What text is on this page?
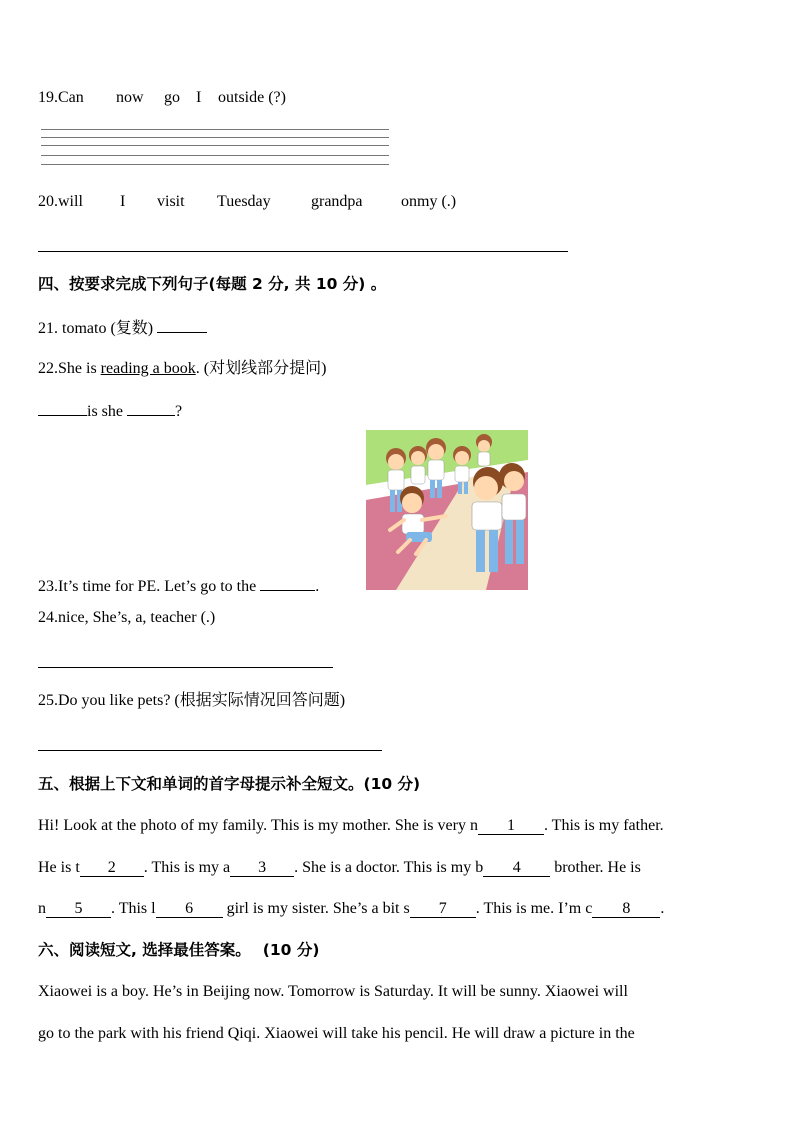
19.Can now go I outside (?)
20.will I visit Tuesday	grandpa onmy (.)
四、按要求完成下列句子(每题 2 分, 共 10 分) 。
21. tomato (复数)
22.She is reading a book. (对划线部分提问)
is she	?
23.It’s time for PE. Let’s go to the	.
24.nice, She’s, a, teacher (.)
25.Do you like pets? (根据实际情况回答问题)
五、根据上下文和单词的首字母提示补全短文。(10 分)
Hi! Look at the photo of my family. This is my mother. She is very n 1 . This is my father.
He is t 2 . This is my a 3 . She is a doctor. This is my b 4 brother. He is
n 5 . This l 6 girl is my sister. She’s a bit s 7 . This is me. I’m c 8 .
六、阅读短文, 选择最佳答案。 (10 分)
Xiaowei is a boy. He’s in Beijing now. Tomorrow is Saturday. It will be sunny. Xiaowei will
go to the park with his friend Qiqi. Xiaowei will take his pencil. He will draw a picture in the
